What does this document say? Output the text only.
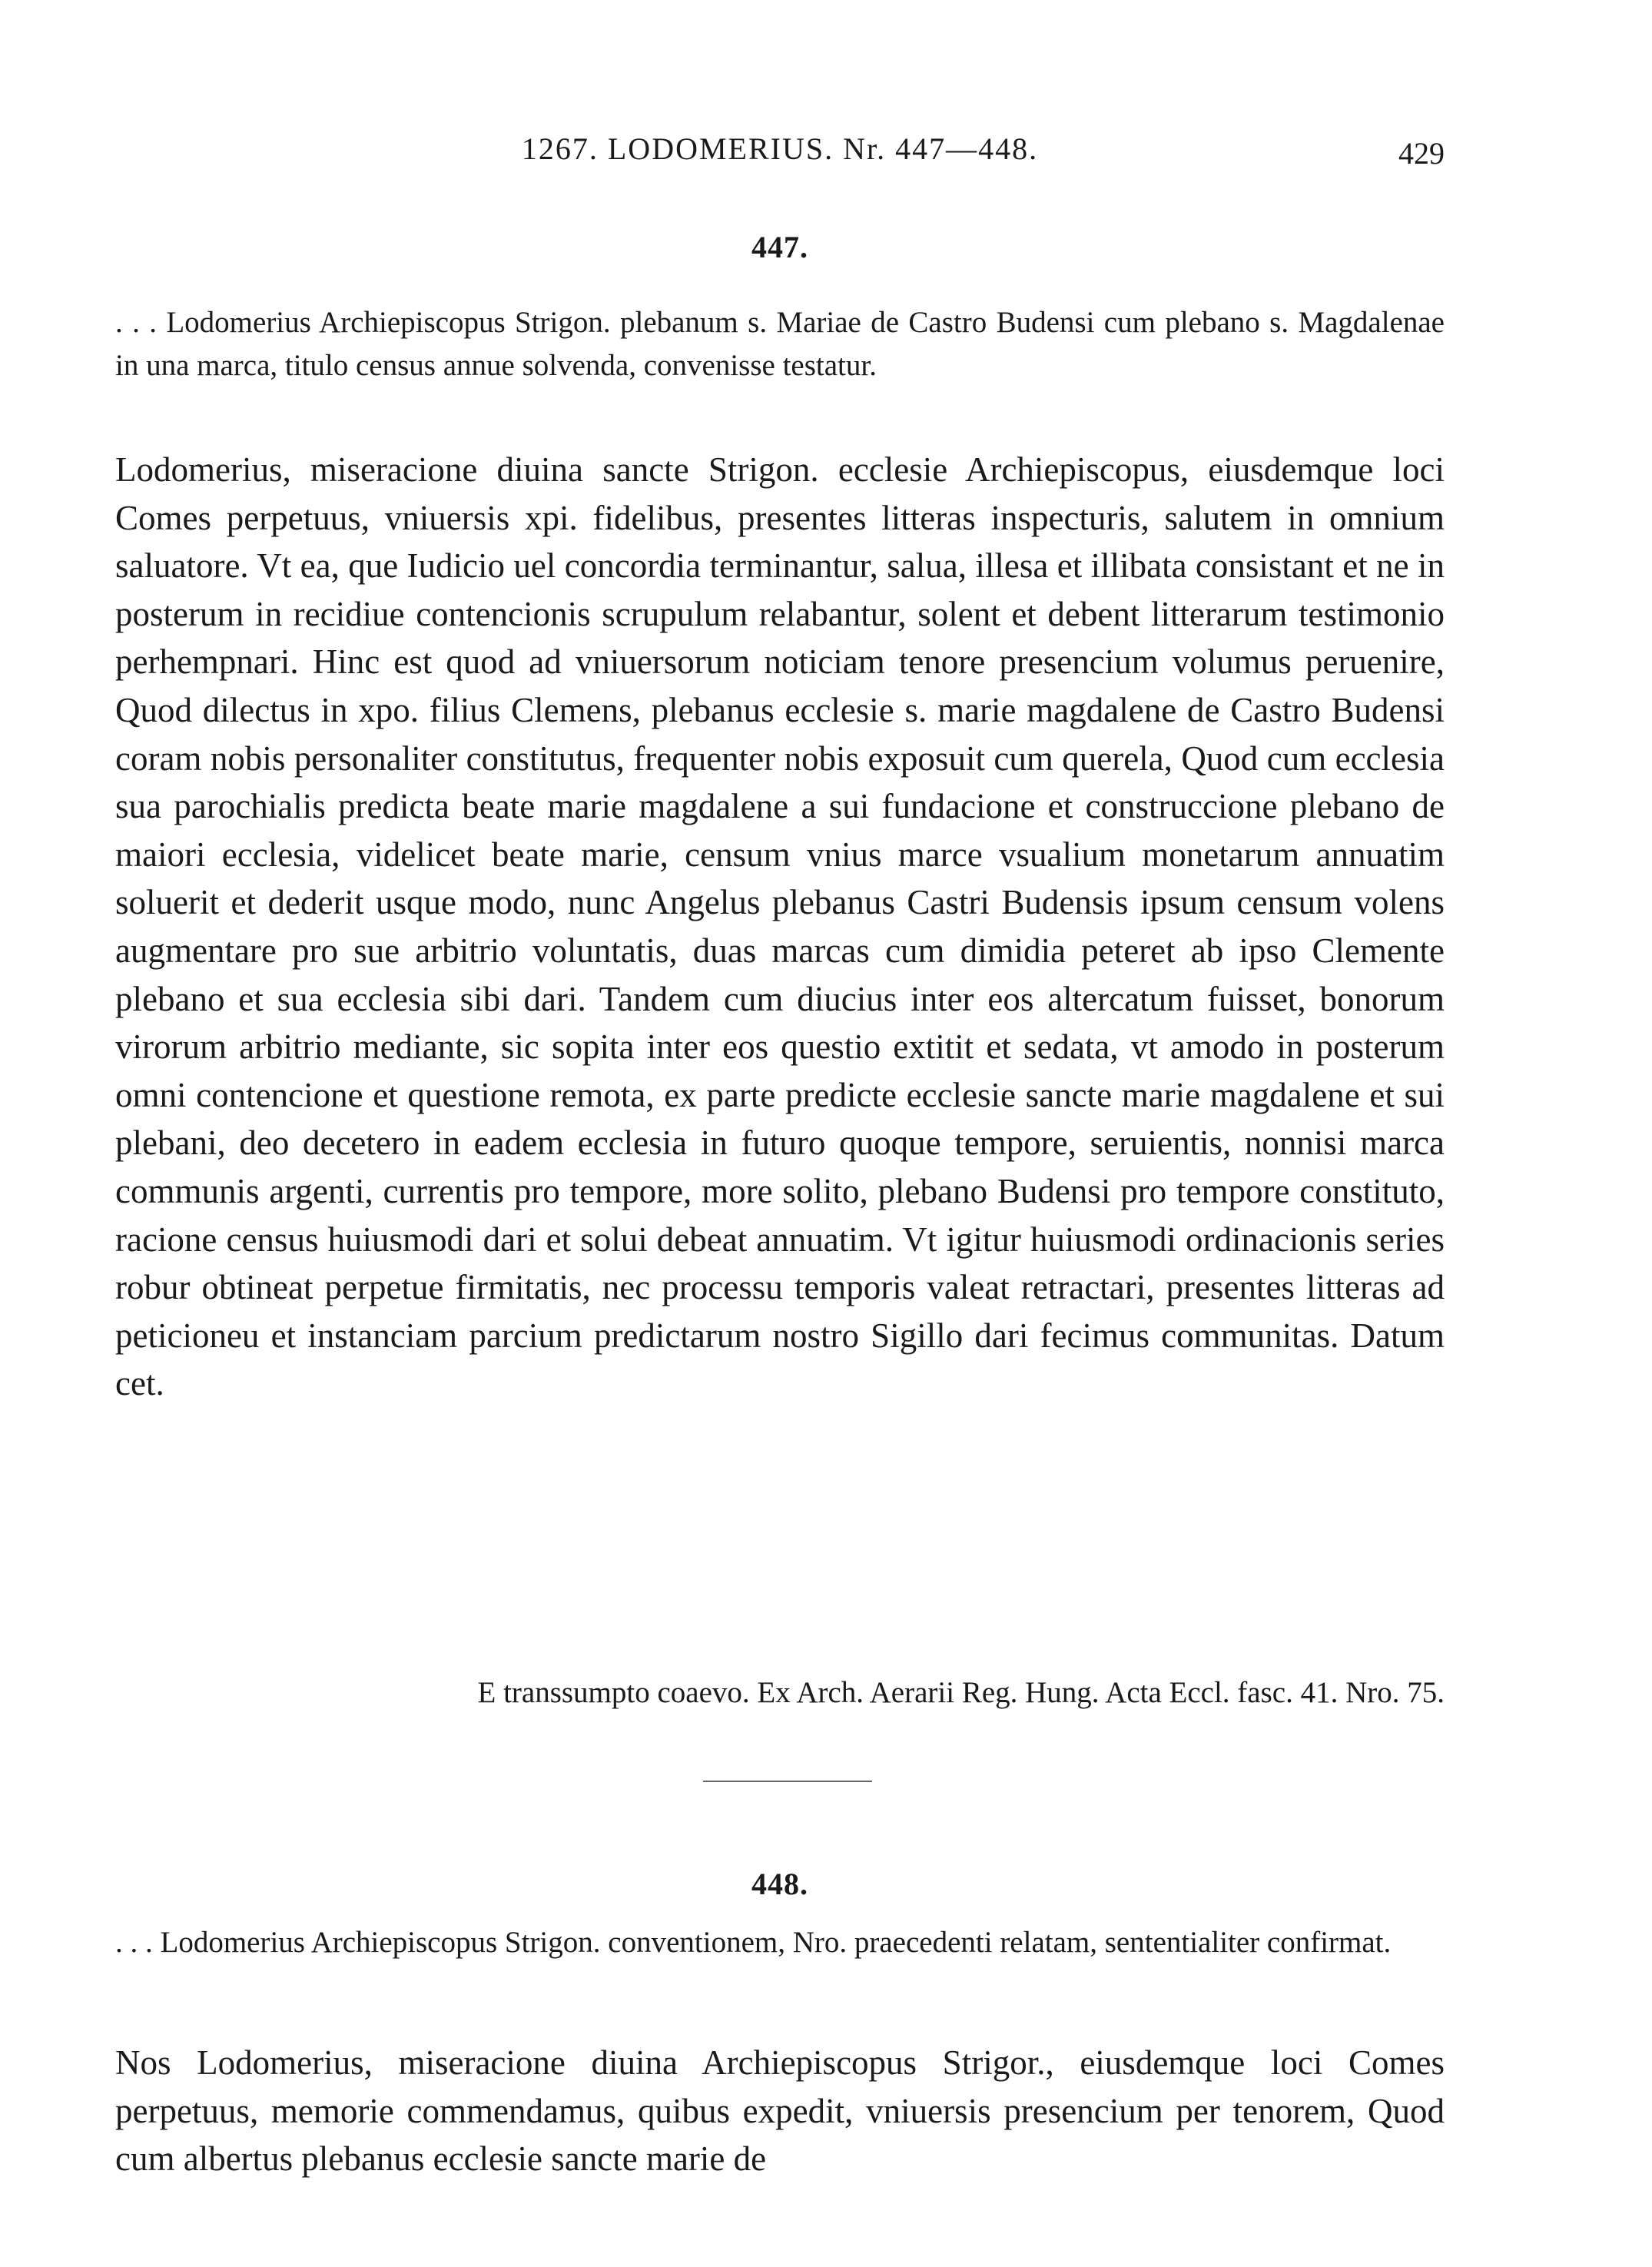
1267. LODOMERIUS. Nr. 447—448.	429
447.
. . . Lodomerius Archiepiscopus Strigon. plebanum s. Mariae de Castro Budensi cum plebano s. Magdalenae in una marca, titulo census annue solvenda, convenisse testatur.
Lodomerius, miseracione diuina sancte Strigon. ecclesie Archiepiscopus, eiusdemque loci Comes perpetuus, vniuersis xpi. fidelibus, presentes litteras inspecturis, salutem in omnium saluatore. Vt ea, que Iudicio uel concordia terminantur, salua, illesa et illibata consistant et ne in posterum in recidiue contencionis scrupulum relabantur, solent et debent litterarum testimonio perhempnari. Hinc est quod ad vniuersorum noticiam tenore presencium volumus peruenire, Quod dilectus in xpo. filius Clemens, plebanus ecclesie s. marie magdalene de Castro Budensi coram nobis personaliter constitutus, frequenter nobis exposuit cum querela, Quod cum ecclesia sua parochialis predicta beate marie magdalene a sui fundacione et construccione plebano de maiori ecclesia, videlicet beate marie, censum vnius marce vsualium monetarum annuatim soluerit et dederit usque modo, nunc Angelus plebanus Castri Budensis ipsum censum volens augmentare pro sue arbitrio voluntatis, duas marcas cum dimidia peteret ab ipso Clemente plebano et sua ecclesia sibi dari. Tandem cum diucius inter eos altercatum fuisset, bonorum virorum arbitrio mediante, sic sopita inter eos questio extitit et sedata, vt amodo in posterum omni contencione et questione remota, ex parte predicte ecclesie sancte marie magdalene et sui plebani, deo decetero in eadem ecclesia in futuro quoque tempore, seruientis, nonnisi marca communis argenti, currentis pro tempore, more solito, plebano Budensi pro tempore constituto, racione census huiusmodi dari et solui debeat annuatim. Vt igitur huiusmodi ordinacionis series robur obtineat perpetue firmitatis, nec processu temporis valeat retractari, presentes litteras ad peticioneu et instanciam parcium predictarum nostro Sigillo dari fecimus communitas. Datum cet.
E transsumpto coaevo. Ex Arch. Aerarii Reg. Hung. Acta Eccl. fasc. 41. Nro. 75.
448.
. . . Lodomerius Archiepiscopus Strigon. conventionem, Nro. praecedenti relatam, sententialiter confirmat.
Nos Lodomerius, miseracione diuina Archiepiscopus Strigor., eiusdemque loci Comes perpetuus, memorie commendamus, quibus expedit, vniuersis presencium per tenorem, Quod cum albertus plebanus ecclesie sancte marie de
